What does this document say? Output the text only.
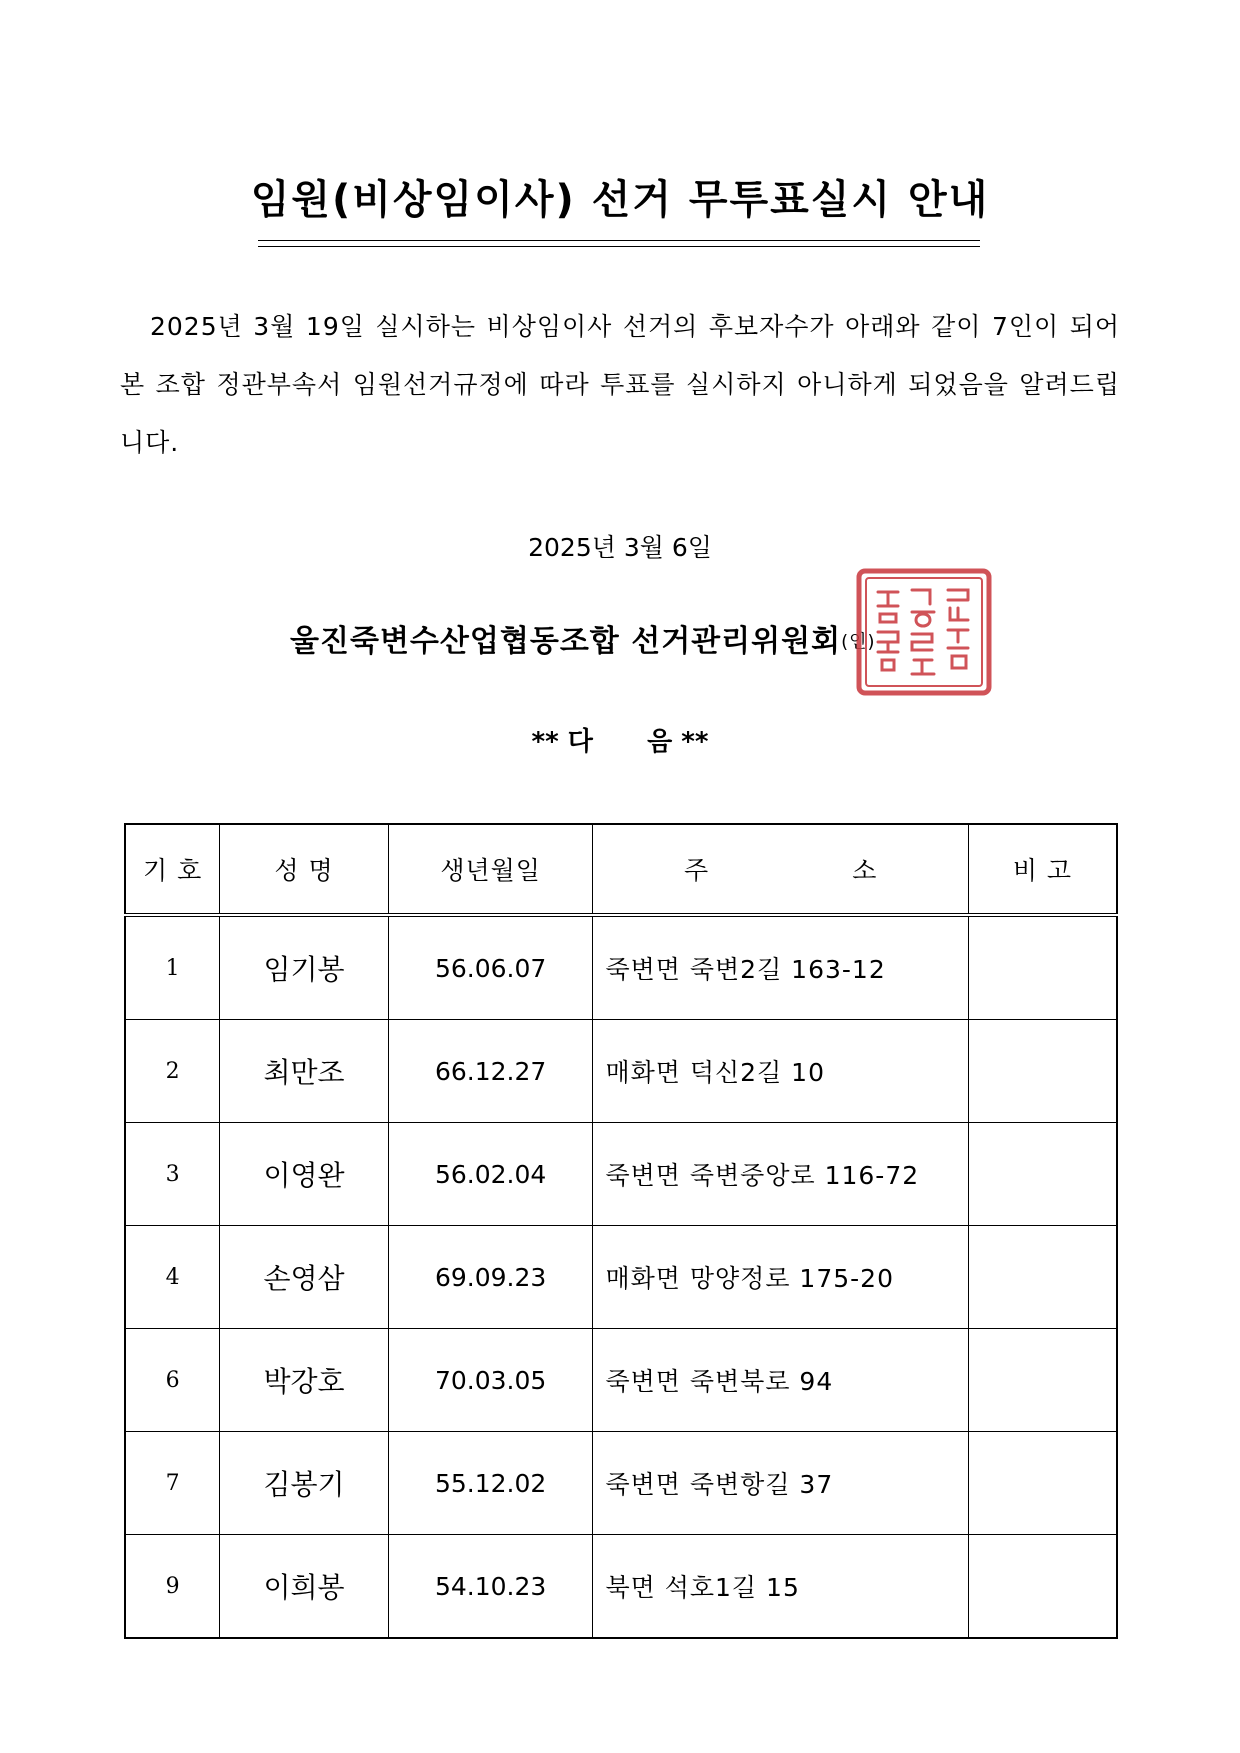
임원(비상임이사) 선거 무투표실시 안내

2025년 3월 19일 실시하는 비상임이사 선거의 후보자수가 아래와 같이 7인이 되어 본 조합 정관부속서 임원선거규정에 따라 투표를 실시하지 아니하게 되었음을 알려드립니다.

2025년 3월 6일
울진죽변수산업협동조합 선거관리위원회(인)
** 다      음 **
기 호	성 명	생년월일	주                소	비 고
1	임기봉	56.06.07	죽변면 죽변2길 163-12	
2	최만조	66.12.27	매화면 덕신2길 10	
3	이영완	56.02.04	죽변면 죽변중앙로 116-72	
4	손영삼	69.09.23	매화면 망양정로 175-20	
6	박강호	70.03.05	죽변면 죽변북로 94	
7	김봉기	55.12.02	죽변면 죽변항길 37	
9	이희봉	54.10.23	북면 석호1길 15	
